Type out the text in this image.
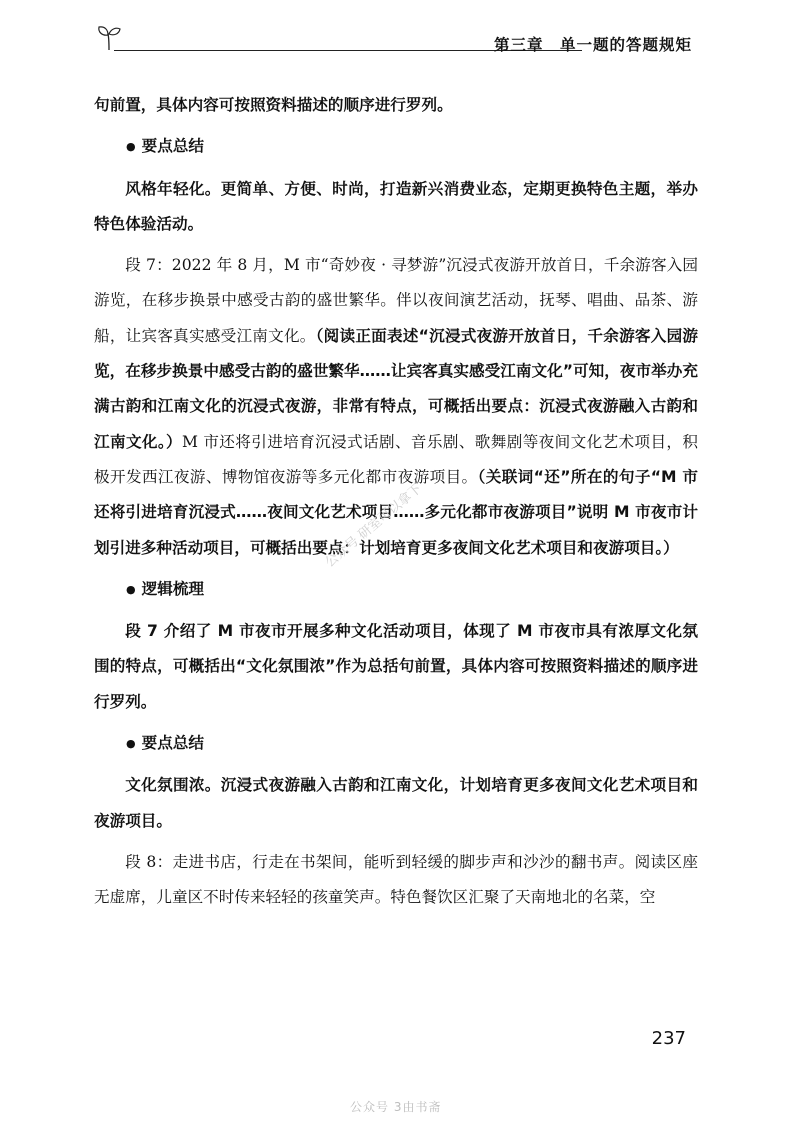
第三章　单一题的答题规矩

句前置，具体内容可按照资料描述的顺序进行罗列。

● 要点总结

风格年轻化。更简单、方便、时尚，打造新兴消费业态，定期更换特色主题，举办特色体验活动。

段 7：2022 年 8 月，M 市“奇妙夜 · 寻梦游”沉浸式夜游开放首日，千余游客入园游览，在移步换景中感受古韵的盛世繁华。伴以夜间演艺活动，抚琴、唱曲、品茶、游船，让宾客真实感受江南文化。（阅读正面表述“沉浸式夜游开放首日，千余游客入园游览，在移步换景中感受古韵的盛世繁华……让宾客真实感受江南文化”可知，夜市举办充满古韵和江南文化的沉浸式夜游，非常有特点，可概括出要点：沉浸式夜游融入古韵和江南文化。）M 市还将引进培育沉浸式话剧、音乐剧、歌舞剧等夜间文化艺术项目，积极开发西江夜游、博物馆夜游等多元化都市夜游项目。（关联词“还”所在的句子“M 市还将引进培育沉浸式……夜间文化艺术项目……多元化都市夜游项目”说明 M 市夜市计划引进多种活动项目，可概括出要点：计划培育更多夜间文化艺术项目和夜游项目。）

● 逻辑梳理

段 7 介绍了 M 市夜市开展多种文化活动项目，体现了 M 市夜市具有浓厚文化氛围的特点，可概括出“文化氛围浓”作为总括句前置，具体内容可按照资料描述的顺序进行罗列。

● 要点总结

文化氛围浓。沉浸式夜游融入古韵和江南文化，计划培育更多夜间文化艺术项目和夜游项目。

段 8：走进书店，行走在书架间，能听到轻缓的脚步声和沙沙的翻书声。阅读区座无虚席，儿童区不时传来轻轻的孩童笑声。特色餐饮区汇聚了天南地北的名菜，空

公众号 研室可以拿下
237
公众号 3由书斋
